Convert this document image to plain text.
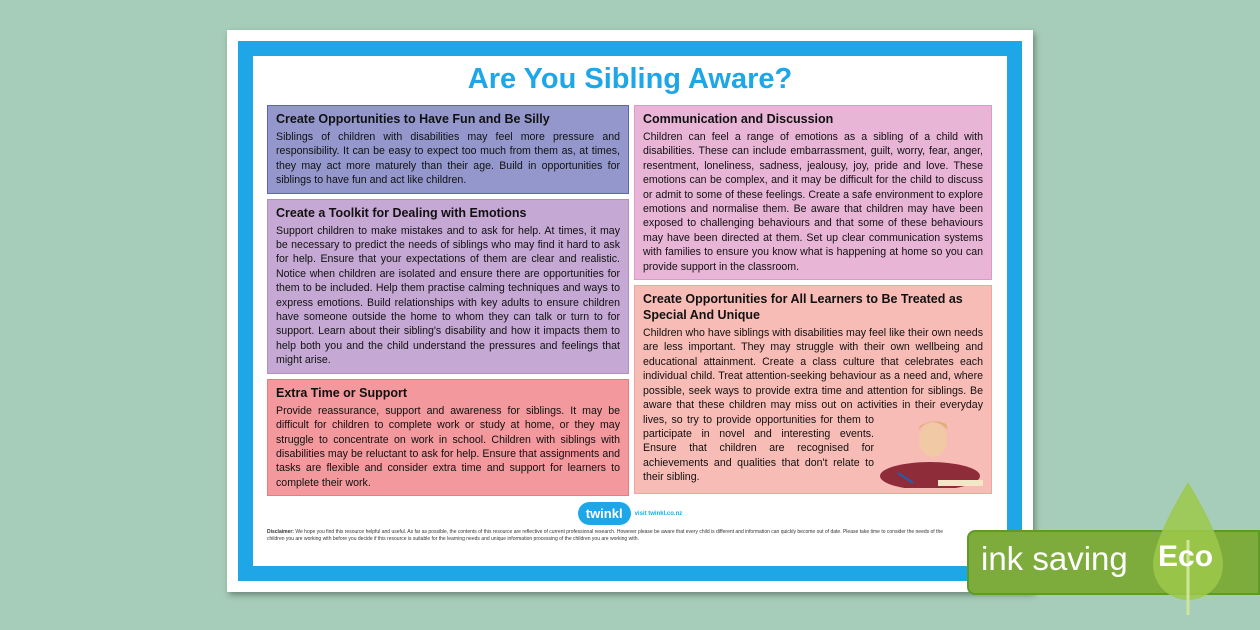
Are You Sibling Aware?
Create Opportunities to Have Fun and Be Silly

Siblings of children with disabilities may feel more pressure and responsibility. It can be easy to expect too much from them as, at times, they may act more maturely than their age. Build in opportunities for siblings to have fun and act like children.

Create a Toolkit for Dealing with Emotions

Support children to make mistakes and to ask for help. At times, it may be necessary to predict the needs of siblings who may find it hard to ask for help. Ensure that your expectations of them are clear and realistic. Notice when children are isolated and ensure there are opportunities for them to be included. Help them practise calming techniques and ways to express emotions. Build relationships with key adults to ensure children have someone outside the home to whom they can talk or turn to for support. Learn about their sibling's disability and how it impacts them to help both you and the child understand the pressures and feelings that might arise.

Extra Time or Support

Provide reassurance, support and awareness for siblings. It may be difficult for children to complete work or study at home, or they may struggle to concentrate on work in school. Children with siblings with disabilities may be reluctant to ask for help. Ensure that assignments and tasks are flexible and consider extra time and support for learners to complete their work.

Communication and Discussion

Children can feel a range of emotions as a sibling of a child with disabilities. These can include embarrassment, guilt, worry, fear, anger, resentment, loneliness, sadness, jealousy, joy, pride and love. These emotions can be complex, and it may be difficult for the child to discuss or admit to some of these feelings. Create a safe environment to explore emotions and normalise them. Be aware that children may have been exposed to challenging behaviours and that some of these behaviours may have been directed at them. Set up clear communication systems with families to ensure you know what is happening at home so you can provide support in the classroom.

Create Opportunities for All Learners to Be Treated as Special And Unique

Children who have siblings with disabilities may feel like their own needs are less important. They may struggle with their own wellbeing and educational attainment. Create a class culture that celebrates each individual child. Treat attention-seeking behaviour as a need and, where possible, seek ways to provide extra time and attention for siblings. Be aware that these children may miss out on activities in their everyday lives, so try to provide opportunities for them to participate in novel and interesting events. Ensure that children are recognised for achievements and qualities that don't relate to their sibling.

twinkl	visit twinkl.co.nz
Disclaimer: We hope you find this resource helpful and useful. As far as possible, the contents of this resource are reflective of current professional research. However please be aware that every child is different and information can quickly become out of date. Please take time to consider the needs of the children you are working with before you decide if this resource is suitable for the learning needs and unique information processing of the children you are working with.
ink saving Eco
